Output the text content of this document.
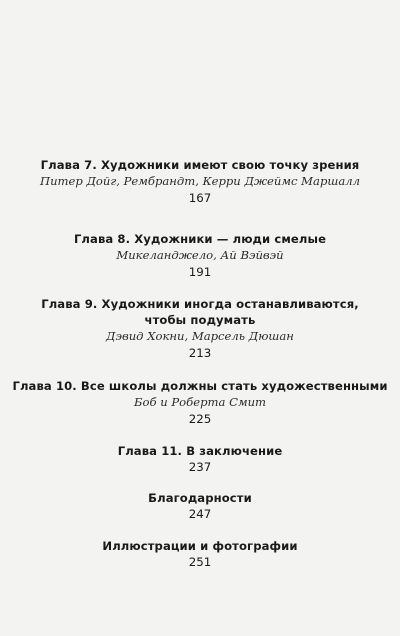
Глава 7. Художники имеют свою точку зрения
Питер Дойг, Рембрандт, Керри Джеймс Маршалл
167
Глава 8. Художники — люди смелые
Микеланджело, Ай Вэйвэй
191
Глава 9. Художники иногда останавливаются,
чтобы подумать
Дэвид Хокни, Марсель Дюшан
213
Глава 10. Все школы должны стать художественными
Боб и Роберта Смит
225
Глава 11. В заключение
237
Благодарности
247
Иллюстрации и фотографии
251
